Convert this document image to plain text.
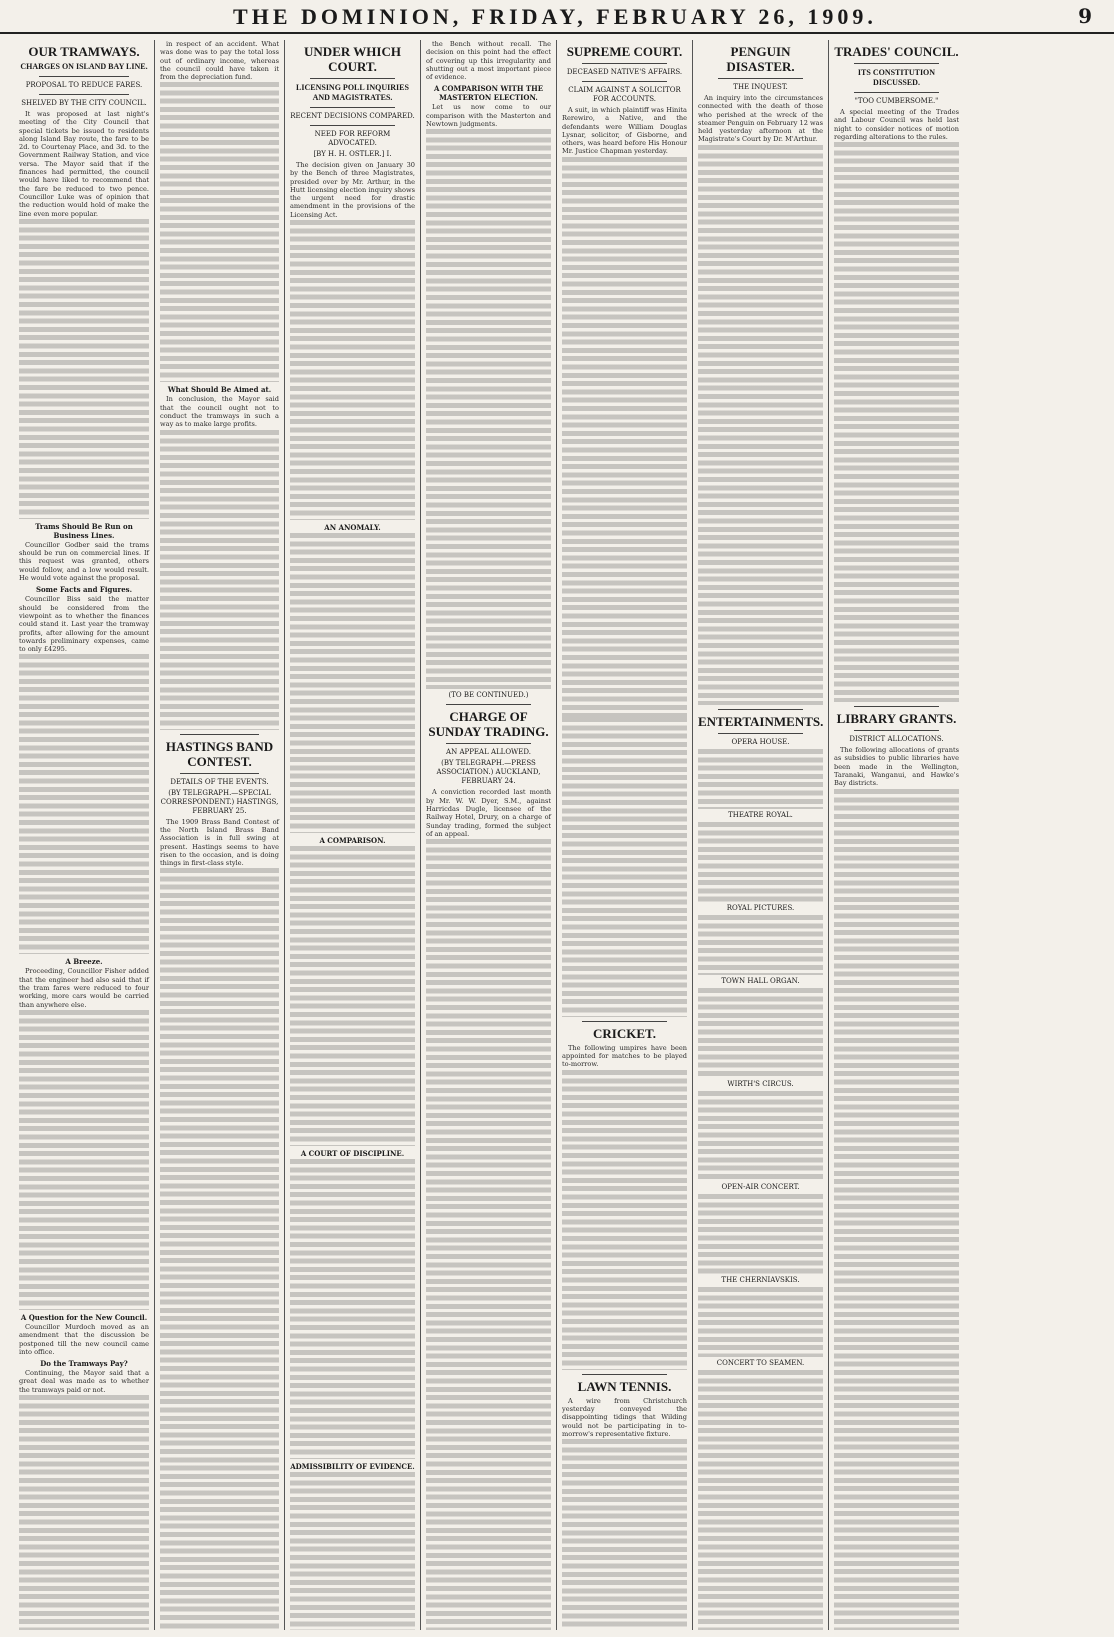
THE DOMINION, FRIDAY, FEBRUARY 26, 1909.	9
OUR TRAMWAYS.
CHARGES ON ISLAND BAY LINE.
PROPOSAL TO REDUCE FARES.
SHELVED BY THE CITY COUNCIL.
It was proposed at last night's meeting of the City Council that special tickets be issued to residents along Island Bay route, the fare to be 2d. to Courtenay Place, and 3d. to the Government Railway Station, and vice versa. The Mayor said that if the finances had permitted, the council would have liked to recommend that the fare be reduced to two pence. Councillor Luke was of opinion that the reduction would hold of make the line even more popular.
Trams Should Be Run on Business Lines.
Councillor Godber said the trams should be run on commercial lines. If this request was granted, others would follow, and a low would result. He would vote against the proposal.
Some Facts and Figures.
Councillor Biss said the matter should be considered from the viewpoint as to whether the finances could stand it. Last year the tramway profits, after allowing for the amount towards preliminary expenses, came to only £4295.
A Breeze.
Proceeding, Councillor Fisher added that the engineer had also said that if the tram fares were reduced to four working, more cars would be carried than anywhere else.
A Question for the New Council.
Councillor Murdoch moved as an amendment that the discussion be postponed till the new council came into office.
Do the Tramways Pay?
Continuing, the Mayor said that a great deal was made as to whether the tramways paid or not.
in respect of an accident. What was done was to pay the total loss out of ordinary income, whereas the council could have taken it from the depreciation fund.
What Should Be Aimed at.
In conclusion, the Mayor said that the council ought not to conduct the tramways in such a way as to make large profits.
HASTINGS BAND CONTEST.
DETAILS OF THE EVENTS.
(BY TELEGRAPH.—SPECIAL CORRESPONDENT.) HASTINGS, FEBRUARY 25.
The 1909 Brass Band Contest of the North Island Brass Band Association is in full swing at present. Hastings seems to have risen to the occasion, and is doing things in first-class style.
UNDER WHICH COURT.
LICENSING POLL INQUIRIES AND MAGISTRATES.
RECENT DECISIONS COMPARED.
NEED FOR REFORM ADVOCATED.
[BY H. H. OSTLER.] I.
The decision given on January 30 by the Bench of three Magistrates, presided over by Mr. Arthur, in the Hutt licensing election inquiry shows the urgent need for drastic amendment in the provisions of the Licensing Act.
AN ANOMALY.
A COMPARISON.
A COURT OF DISCIPLINE.
ADMISSIBILITY OF EVIDENCE.
the Bench without recall. The decision on this point had the effect of covering up this irregularity and shutting out a most important piece of evidence.
A COMPARISON WITH THE MASTERTON ELECTION.
Let us now come to our comparison with the Masterton and Newtown judgments.
(TO BE CONTINUED.)
CHARGE OF SUNDAY TRADING.
AN APPEAL ALLOWED.
(BY TELEGRAPH.—PRESS ASSOCIATION.) AUCKLAND, FEBRUARY 24.
A conviction recorded last month by Mr. W. W. Dyer, S.M., against Harricdas Dugle, licensee of the Railway Hotel, Drury, on a charge of Sunday trading, formed the subject of an appeal.
SUPREME COURT.
DECEASED NATIVE'S AFFAIRS.
CLAIM AGAINST A SOLICITOR FOR ACCOUNTS.
A suit, in which plaintiff was Hinita Rerewiro, a Native, and the defendants were William Douglas Lysnar, solicitor, of Gisborne, and others, was heard before His Honour Mr. Justice Chapman yesterday.
CRICKET.
The following umpires have been appointed for matches to be played to-morrow.
LAWN TENNIS.
A wire from Christchurch yesterday conveyed the disappointing tidings that Wilding would not be participating in to-morrow's representative fixture.
PENGUIN DISASTER.
THE INQUEST.
An inquiry into the circumstances connected with the death of those who perished at the wreck of the steamer Penguin on February 12 was held yesterday afternoon at the Magistrate's Court by Dr. M'Arthur.
ENTERTAINMENTS.
OPERA HOUSE.
THEATRE ROYAL.
ROYAL PICTURES.
TOWN HALL ORGAN.
WIRTH'S CIRCUS.
OPEN-AIR CONCERT.
THE CHERNIAVSKIS.
CONCERT TO SEAMEN.
TRADES' COUNCIL.
ITS CONSTITUTION DISCUSSED.
"TOO CUMBERSOME."
A special meeting of the Trades and Labour Council was held last night to consider notices of motion regarding alterations to the rules.
LIBRARY GRANTS.
DISTRICT ALLOCATIONS.
The following allocations of grants as subsidies to public libraries have been made in the Wellington, Taranaki, Wanganui, and Hawke's Bay districts.
